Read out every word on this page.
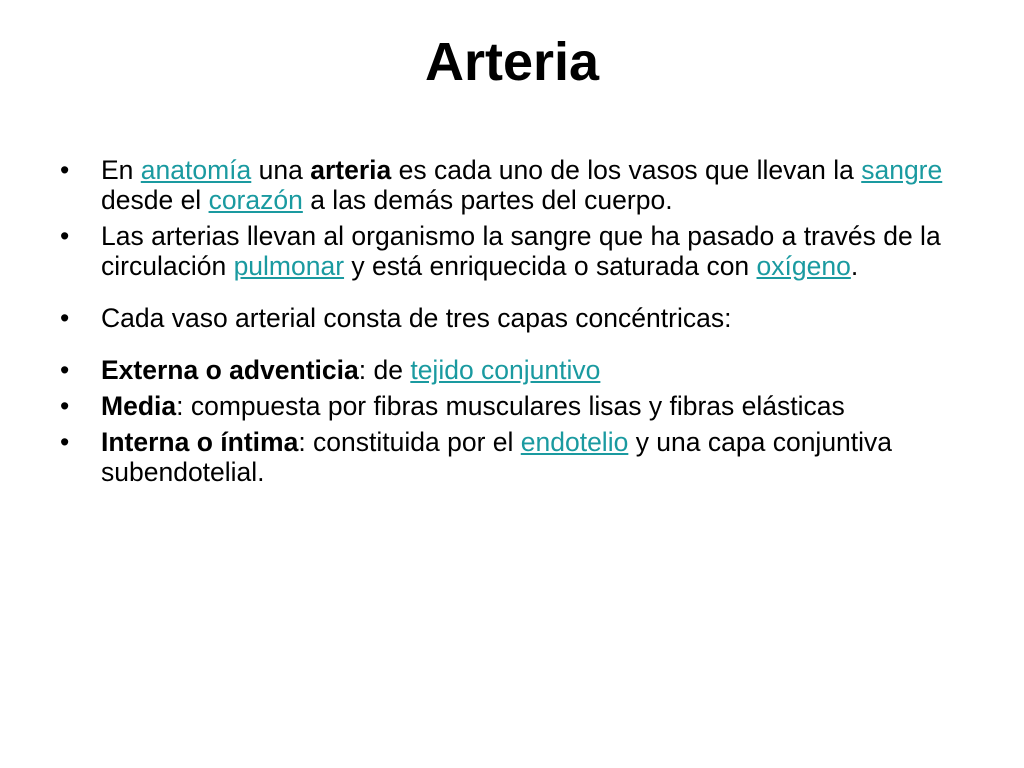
Arteria
• En anatomía una arteria es cada uno de los vasos que llevan la sangre desde el corazón a las demás partes del cuerpo.
• Las arterias llevan al organismo la sangre que ha pasado a través de la circulación pulmonar y está enriquecida o saturada con oxígeno.
• Cada vaso arterial consta de tres capas concéntricas:
• Externa o adventicia: de tejido conjuntivo
• Media: compuesta por fibras musculares lisas y fibras elásticas
• Interna o íntima: constituida por el endotelio y una capa conjuntiva subendotelial.
